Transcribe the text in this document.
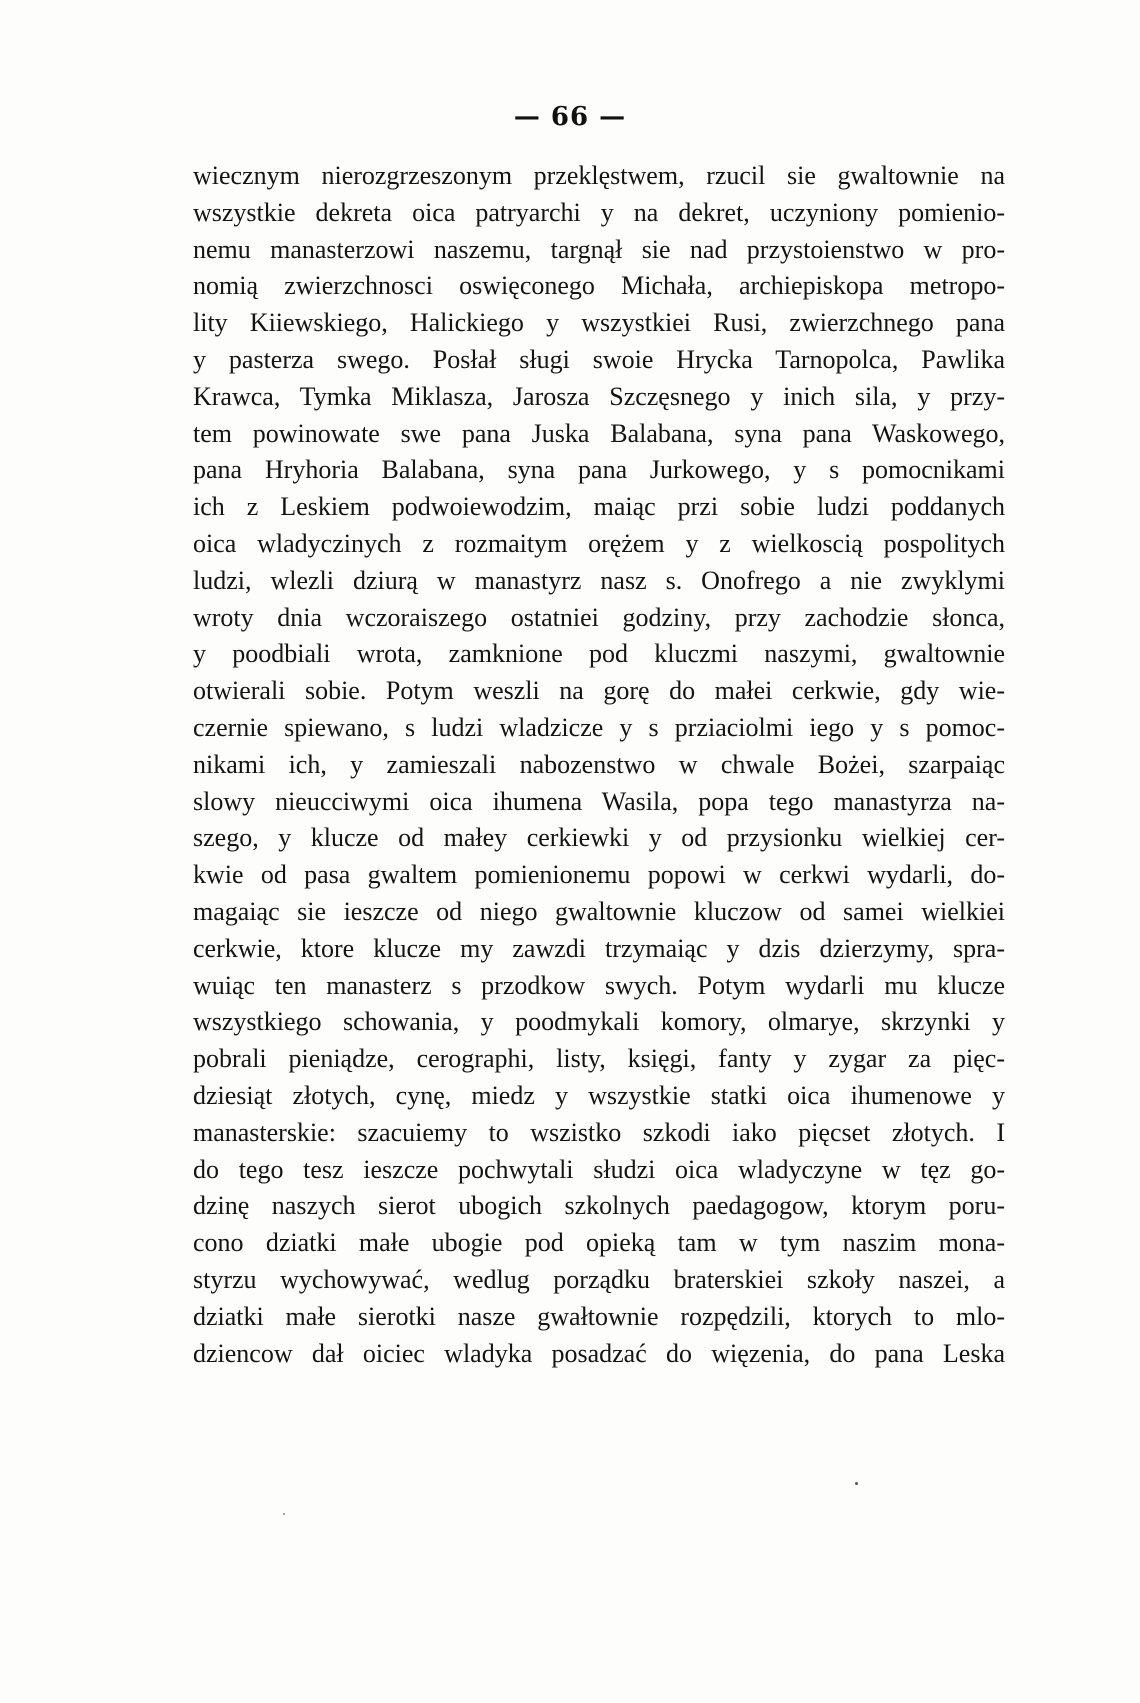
— 66 —
wiecznym nierozgrzeszonym przeklęstwem, rzucil sie gwaltownie na
wszystkie dekreta oica patryarchi y na dekret, uczyniony pomienio-
nemu manasterzowi naszemu, targnął sie nad przystoienstwo w pro-
nomią zwierzchnosci oswięconego Michała, archiepiskopa metropo-
lity Kiiewskiego, Halickiego y wszystkiei Rusi, zwierzchnego pana
y pasterza swego. Posłał sługi swoie Hrycka Tarnopolca, Pawlika
Krawca, Tymka Miklasza, Jarosza Szczęsnego y inich sila, y przy-
tem powinowate swe pana Juska Balabana, syna pana Waskowego,
pana Hryhoria Balabana, syna pana Jurkowego, y s pomocnikami
ich z Leskiem podwoiewodzim, maiąc przi sobie ludzi poddanych
oica wladyczinych z rozmaitym orężem y z wielkoscią pospolitych
ludzi, wlezli dziurą w manastyrz nasz s. Onofrego a nie zwyklymi
wroty dnia wczoraiszego ostatniei godziny, przy zachodzie słonca,
y poodbiali wrota, zamknione pod kluczmi naszymi, gwaltownie
otwierali sobie. Potym weszli na gorę do małei cerkwie, gdy wie-
czernie spiewano, s ludzi wladzicze y s prziaciolmi iego y s pomoc-
nikami ich, y zamieszali nabozenstwo w chwale Bożei, szarpaiąc
slowy nieucciwymi oica ihumena Wasila, popa tego manastyrza na-
szego, y klucze od małey cerkiewki y od przysionku wielkiej cer-
kwie od pasa gwaltem pomienionemu popowi w cerkwi wydarli, do-
magaiąc sie ieszcze od niego gwaltownie kluczow od samei wielkiei
cerkwie, ktore klucze my zawzdi trzymaiąc y dzis dzierzymy, spra-
wuiąc ten manasterz s przodkow swych. Potym wydarli mu klucze
wszystkiego schowania, y poodmykali komory, olmarye, skrzynki y
pobrali pieniądze, cerographi, listy, księgi, fanty y zygar za pięc-
dziesiąt złotych, cynę, miedz y wszystkie statki oica ihumenowe y
manasterskie: szacuiemy to wszistko szkodi iako pięcset złotych. I
do tego tesz ieszcze pochwytali słudzi oica wladyczyne w tęz go-
dzinę naszych sierot ubogich szkolnych paedagogow, ktorym poru-
cono dziatki małe ubogie pod opieką tam w tym naszim mona-
styrzu wychowywać, wedlug porządku braterskiei szkoły naszei, a
dziatki małe sierotki nasze gwałtownie rozpędzili, ktorych to mlo-
dziencow dał oiciec wladyka posadzać do więzenia, do pana Leska
